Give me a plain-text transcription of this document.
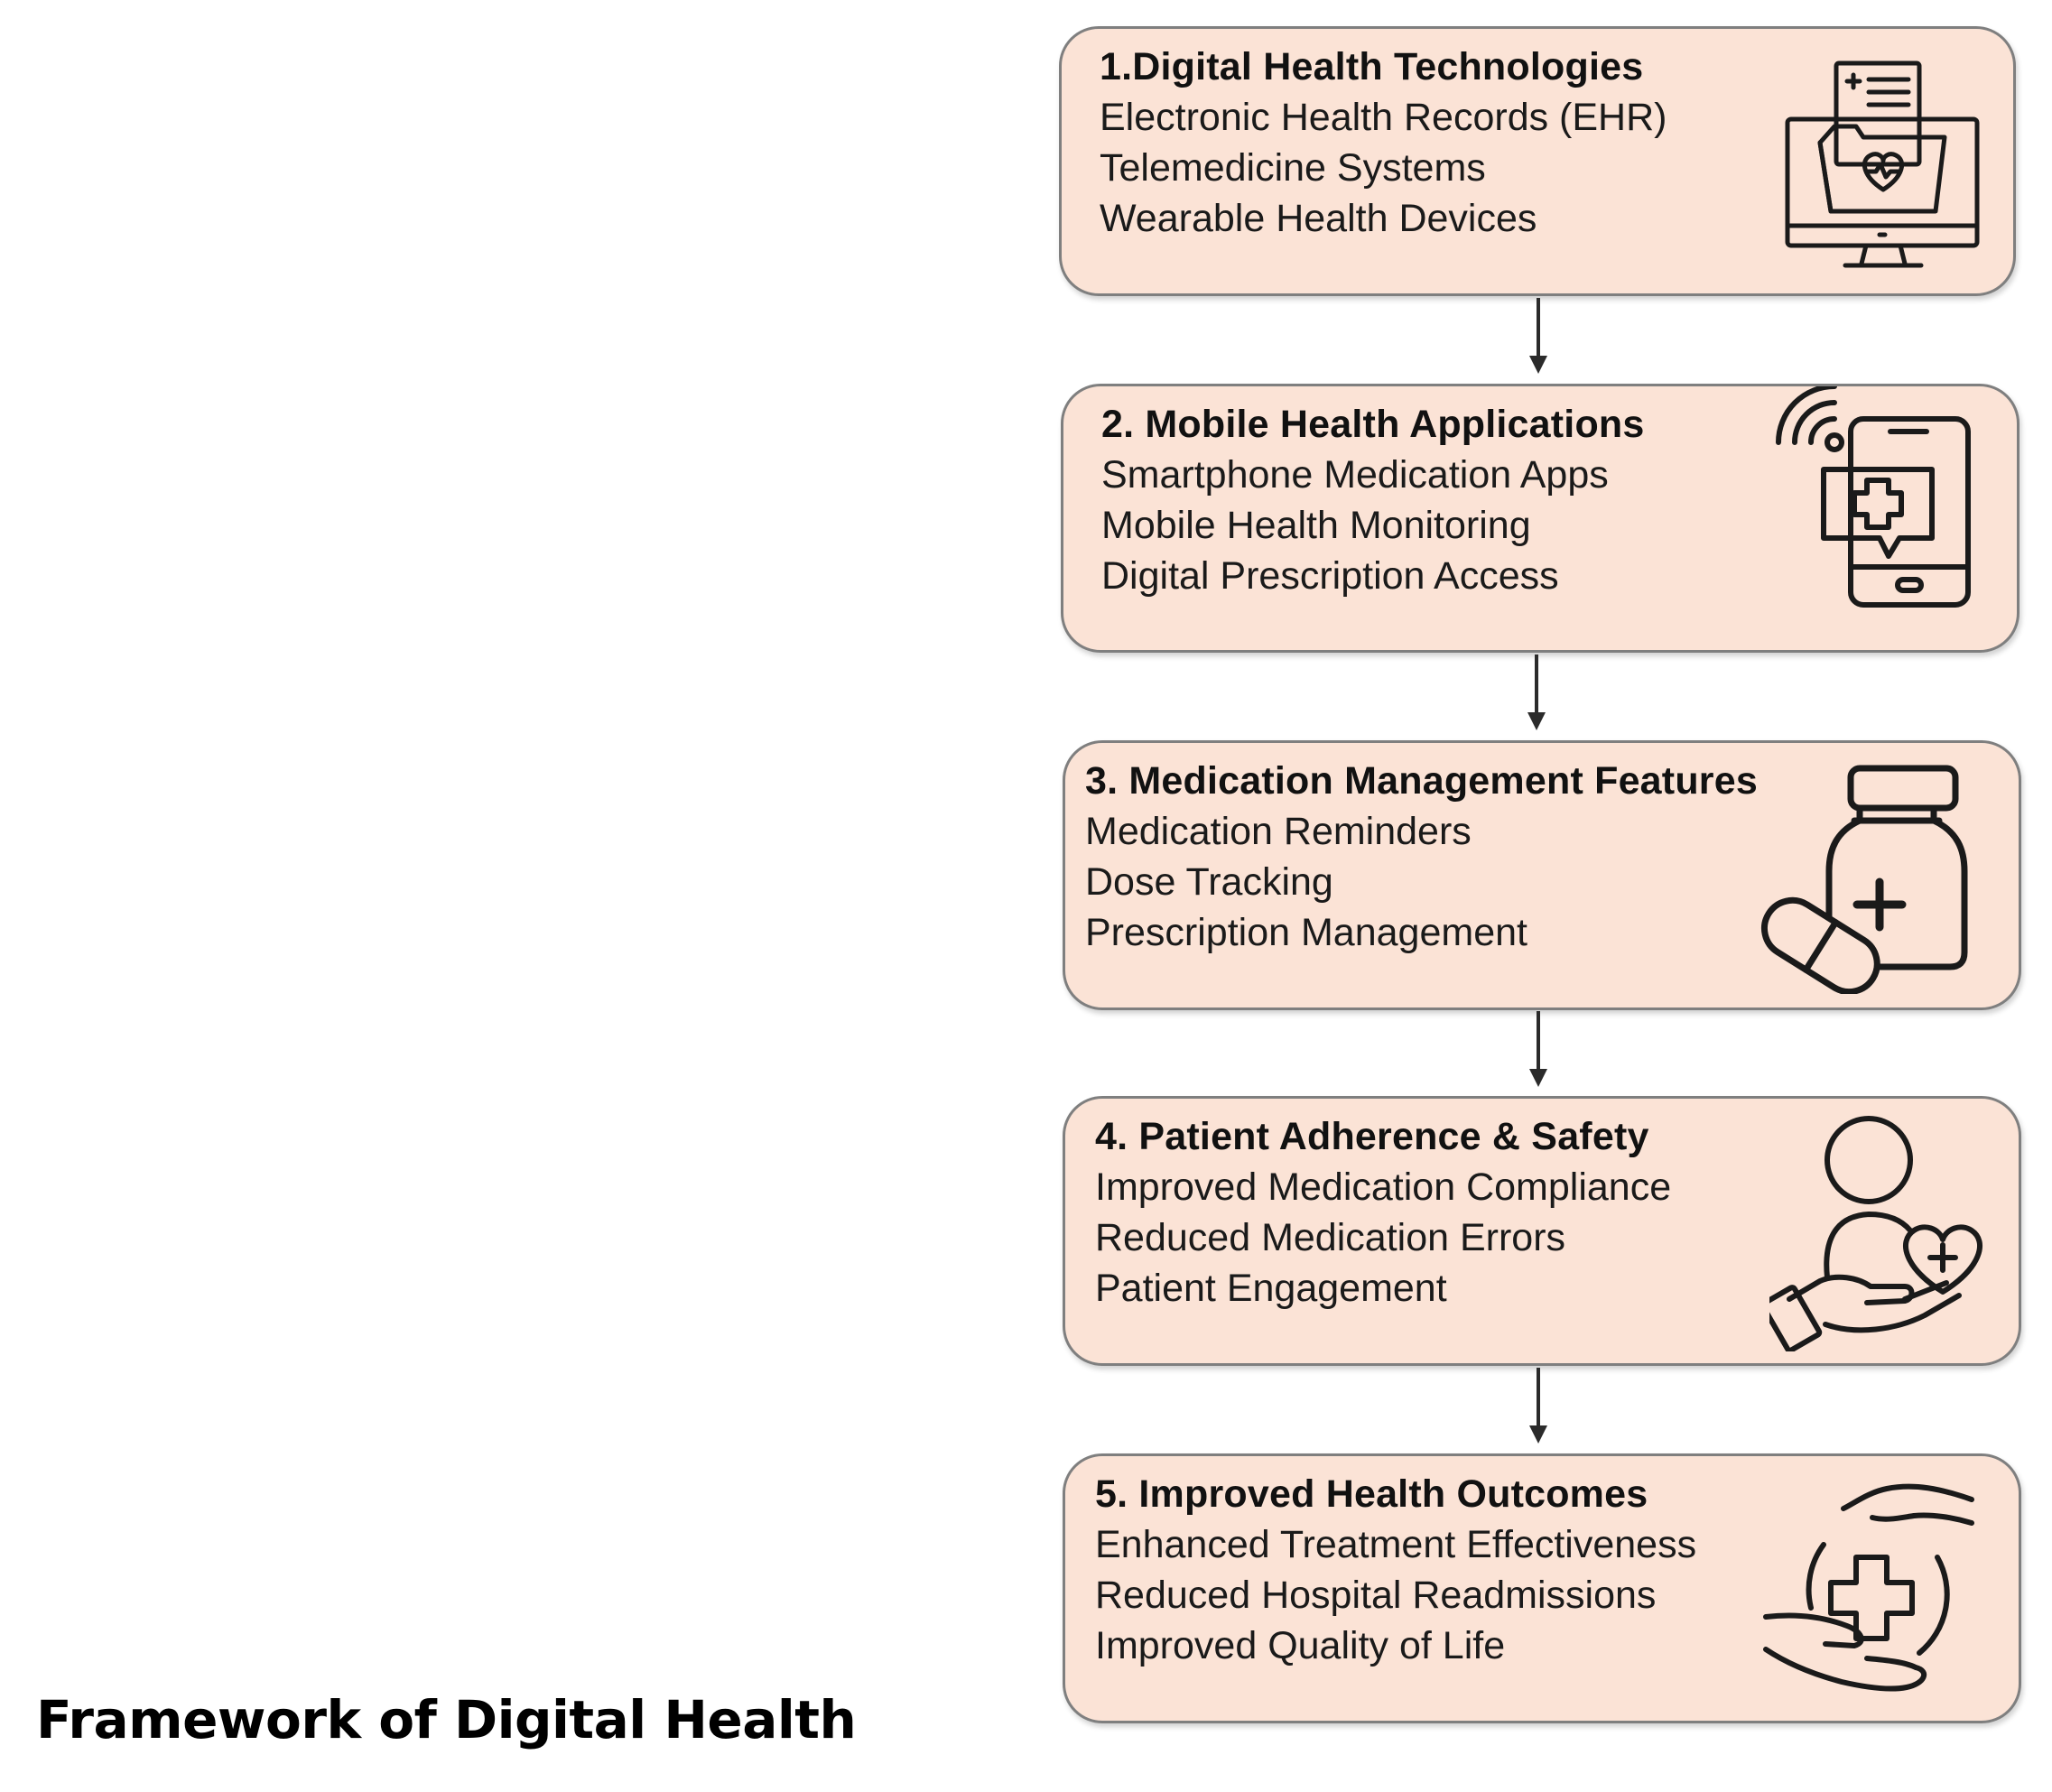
1.Digital Health Technologies
Electronic Health Records (EHR)
Telemedicine Systems
Wearable Health Devices
2. Mobile Health Applications
Smartphone Medication Apps
Mobile Health Monitoring
Digital Prescription Access
3. Medication Management Features
Medication Reminders
Dose Tracking
Prescription Management
4. Patient Adherence & Safety
Improved Medication Compliance
Reduced Medication Errors
Patient Engagement
5. Improved Health Outcomes
Enhanced Treatment Effectiveness
Reduced Hospital Readmissions
Improved Quality of Life
Framework of Digital Health
